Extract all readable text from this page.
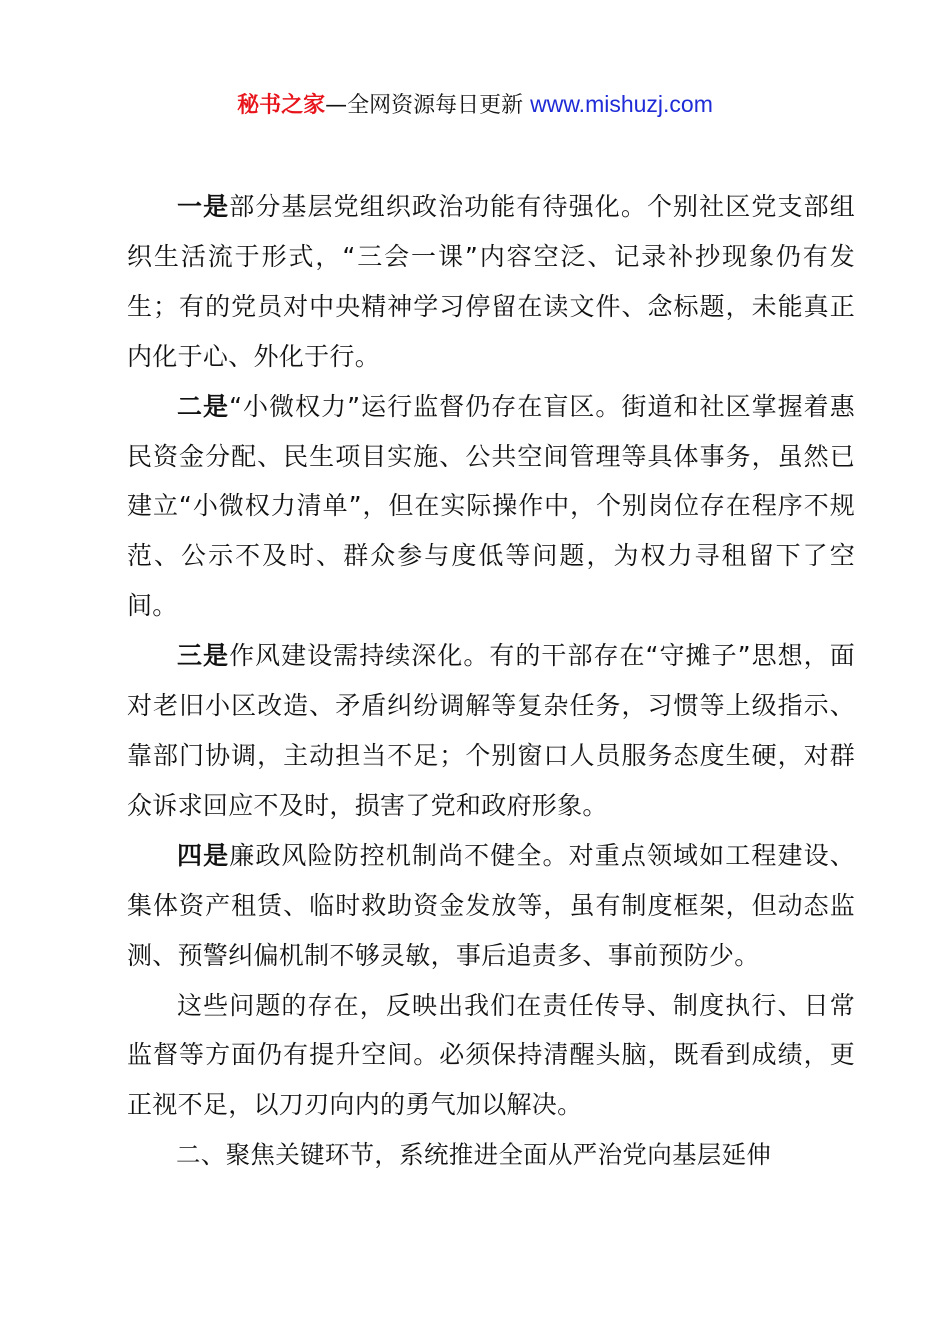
秘书之家—全网资源每日更新 www.mishuzj.com

一是部分基层党组织政治功能有待强化。个别社区党支部组织生活流于形式，“三会一课”内容空泛、记录补抄现象仍有发生；有的党员对中央精神学习停留在读文件、念标题，未能真正内化于心、外化于行。

二是“小微权力”运行监督仍存在盲区。街道和社区掌握着惠民资金分配、民生项目实施、公共空间管理等具体事务，虽然已建立“小微权力清单”，但在实际操作中，个别岗位存在程序不规范、公示不及时、群众参与度低等问题，为权力寻租留下了空间。

三是作风建设需持续深化。有的干部存在“守摊子”思想，面对老旧小区改造、矛盾纠纷调解等复杂任务，习惯等上级指示、靠部门协调，主动担当不足；个别窗口人员服务态度生硬，对群众诉求回应不及时，损害了党和政府形象。

四是廉政风险防控机制尚不健全。对重点领域如工程建设、集体资产租赁、临时救助资金发放等，虽有制度框架，但动态监测、预警纠偏机制不够灵敏，事后追责多、事前预防少。

这些问题的存在，反映出我们在责任传导、制度执行、日常监督等方面仍有提升空间。必须保持清醒头脑，既看到成绩，更正视不足，以刀刃向内的勇气加以解决。

二、聚焦关键环节，系统推进全面从严治党向基层延伸
